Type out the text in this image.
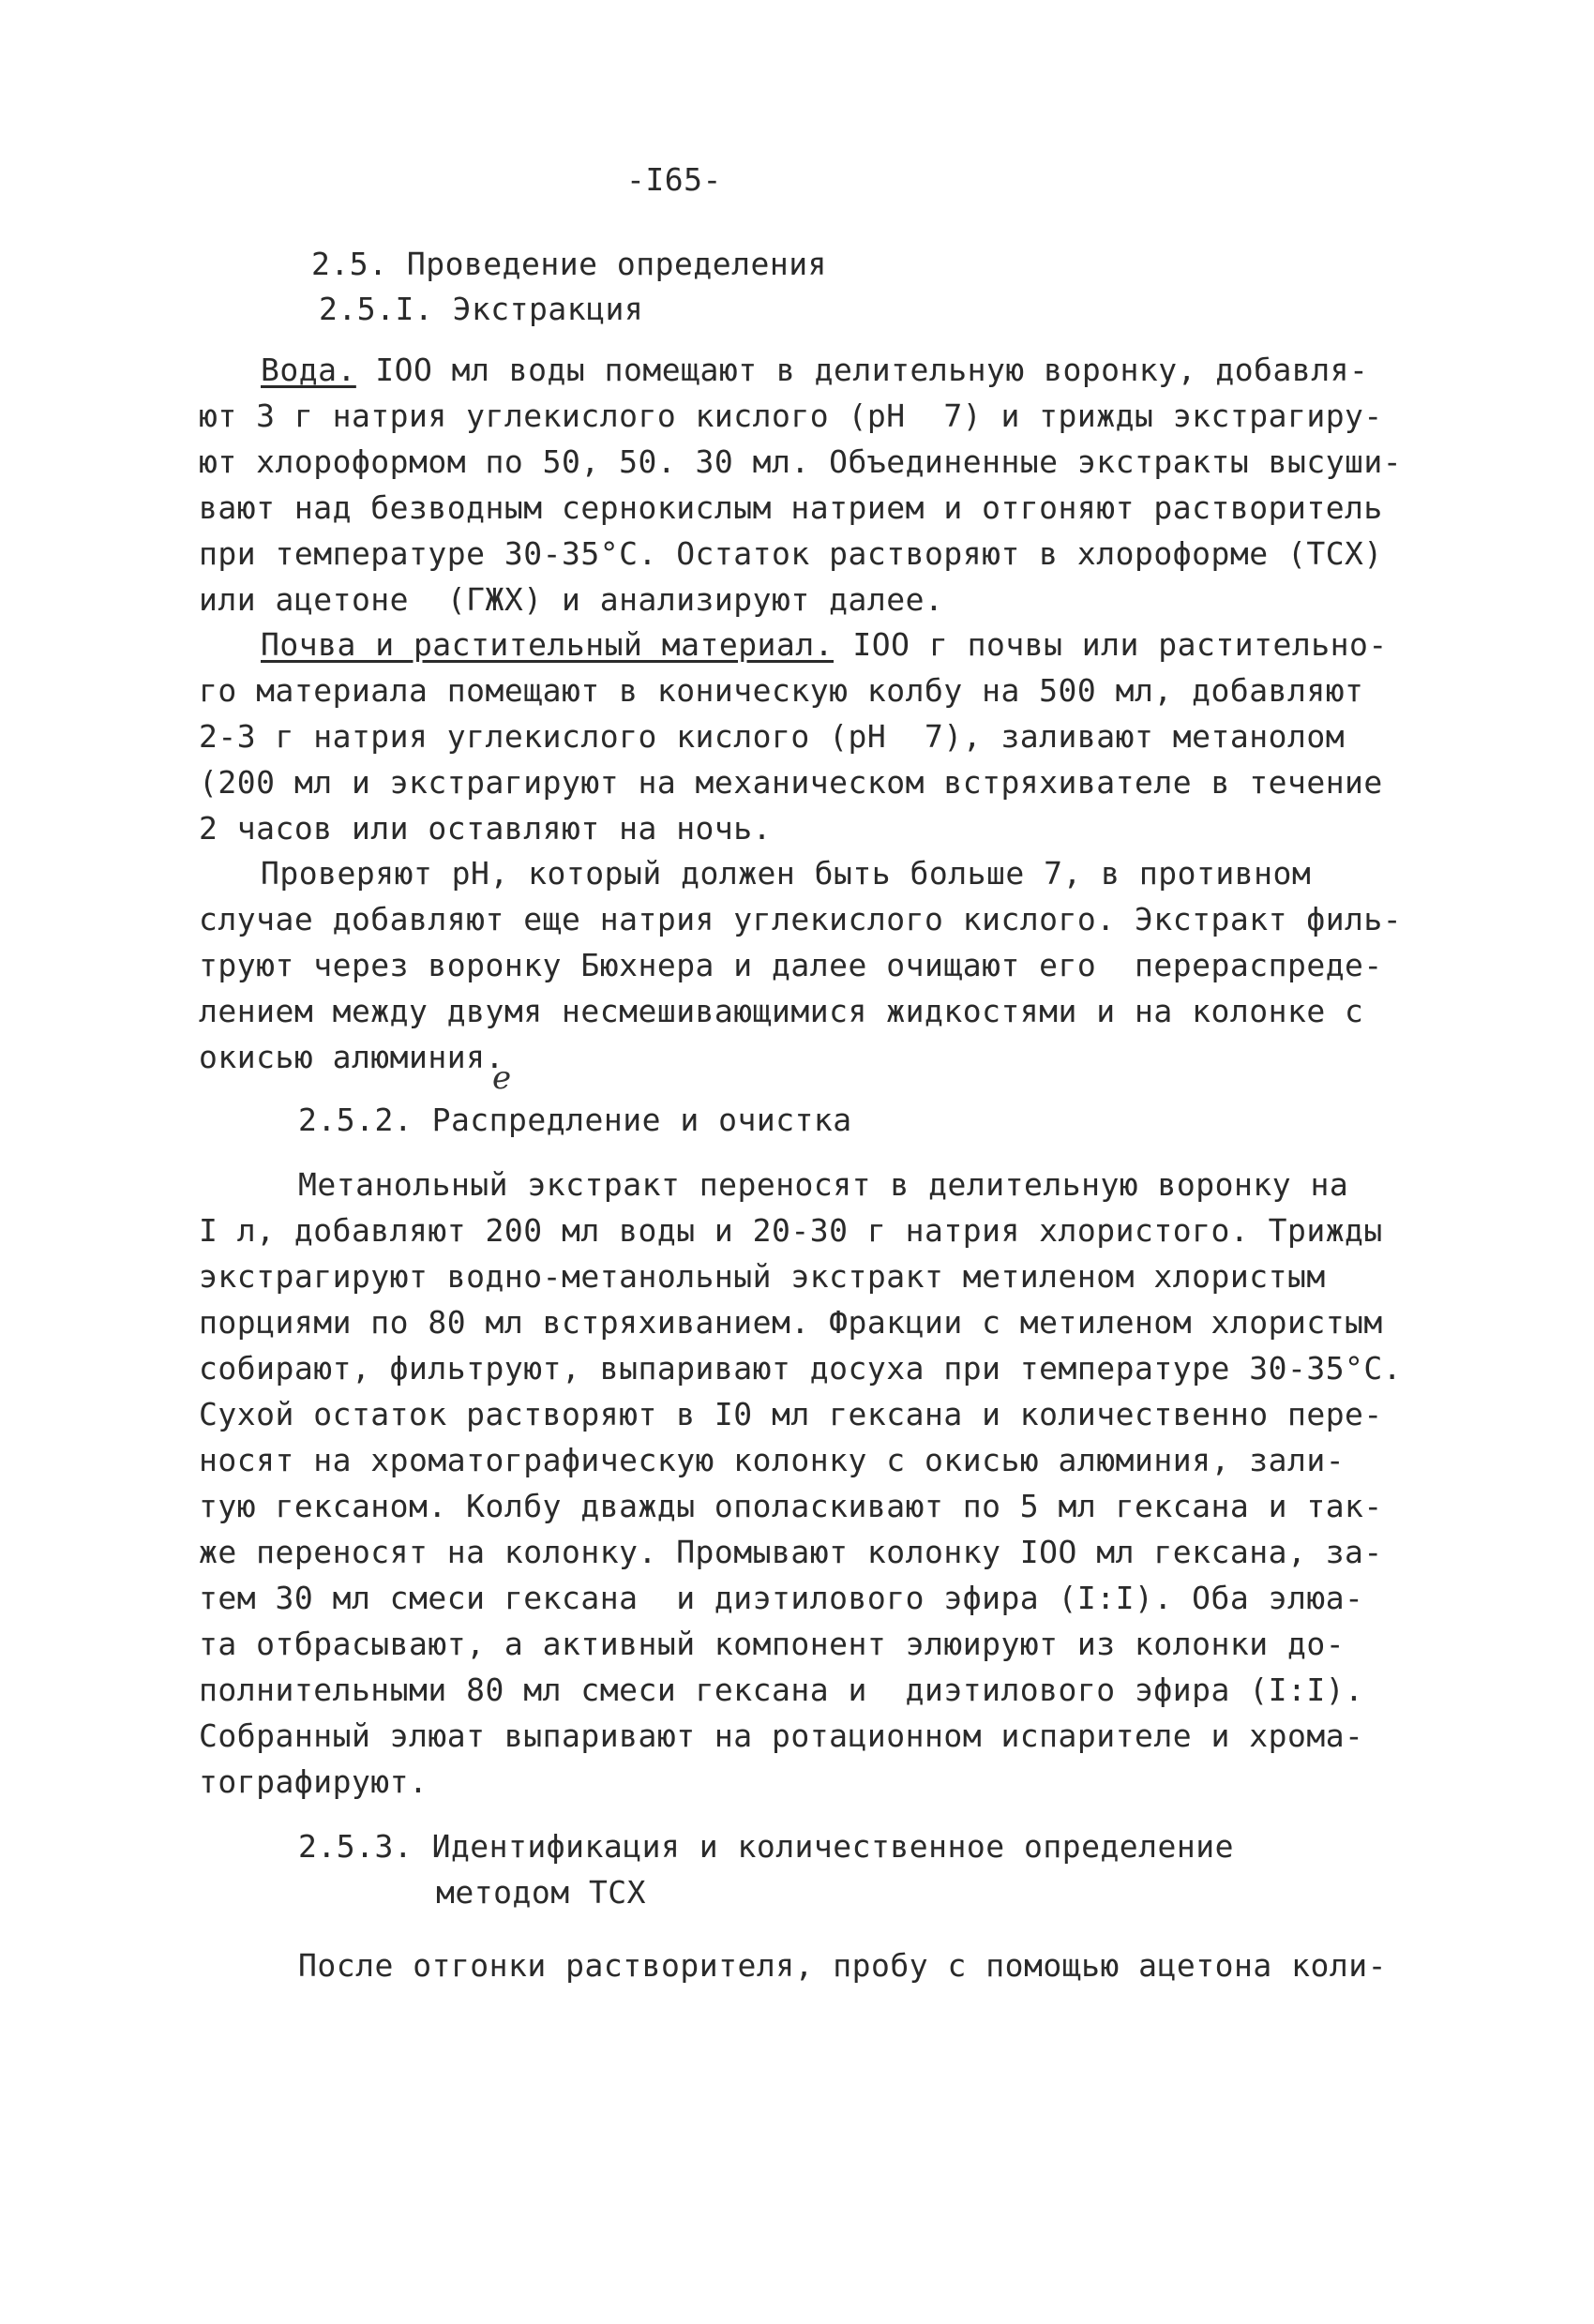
-I65-
2.5. Проведение определения
2.5.I. Экстракция
Вода. IОО мл воды помещают в делительную воронку, добавля-
ют 3 г натрия углекислого кислого (рН  7) и трижды экстрагиру-
ют хлороформом по 50, 50. 30 мл. Объединенные экстракты высуши-
вают над безводным сернокислым натрием и отгоняют растворитель
при температуре 30-35°С. Остаток растворяют в хлороформе (ТСХ)
или ацетоне  (ГЖХ) и анализируют далее.
Почва и растительный материал. IОО г почвы или растительно-
го материала помещают в коническую колбу на 500 мл, добавляют
2-3 г натрия углекислого кислого (рН  7), заливают метанолом
(200 мл и экстрагируют на механическом встряхивателе в течение
2 часов или оставляют на ночь.
Проверяют рН, который должен быть больше 7, в противном
случае добавляют еще натрия углекислого кислого. Экстракт филь-
труют через воронку Бюхнера и далее очищают его  перераспреде-
лением между двумя несмешивающимися жидкостями и на колонке с
окисью алюминия.
е
2.5.2. Распредление и очистка
Метанольный экстракт переносят в делительную воронку на
I л, добавляют 200 мл воды и 20-30 г натрия хлористого. Трижды
экстрагируют водно-метанольный экстракт метиленом хлористым
порциями по 80 мл встряхиванием. Фракции с метиленом хлористым
собирают, фильтруют, выпаривают досуха при температуре 30-35°С.
Сухой остаток растворяют в I0 мл гексана и количественно пере-
носят на хроматографическую колонку с окисью алюминия, зали-
тую гексаном. Колбу дважды ополаскивают по 5 мл гексана и так-
же переносят на колонку. Промывают колонку IОО мл гексана, за-
тем 30 мл смеси гексана  и диэтилового эфира (I:I). Оба элюа-
та отбрасывают, а активный компонент элюируют из колонки до-
полнительными 80 мл смеси гексана и  диэтилового эфира (I:I).
Собранный элюат выпаривают на ротационном испарителе и хрома-
тографируют.
2.5.3. Идентификация и количественное определение
методом ТСХ
После отгонки растворителя, пробу с помощью ацетона коли-
